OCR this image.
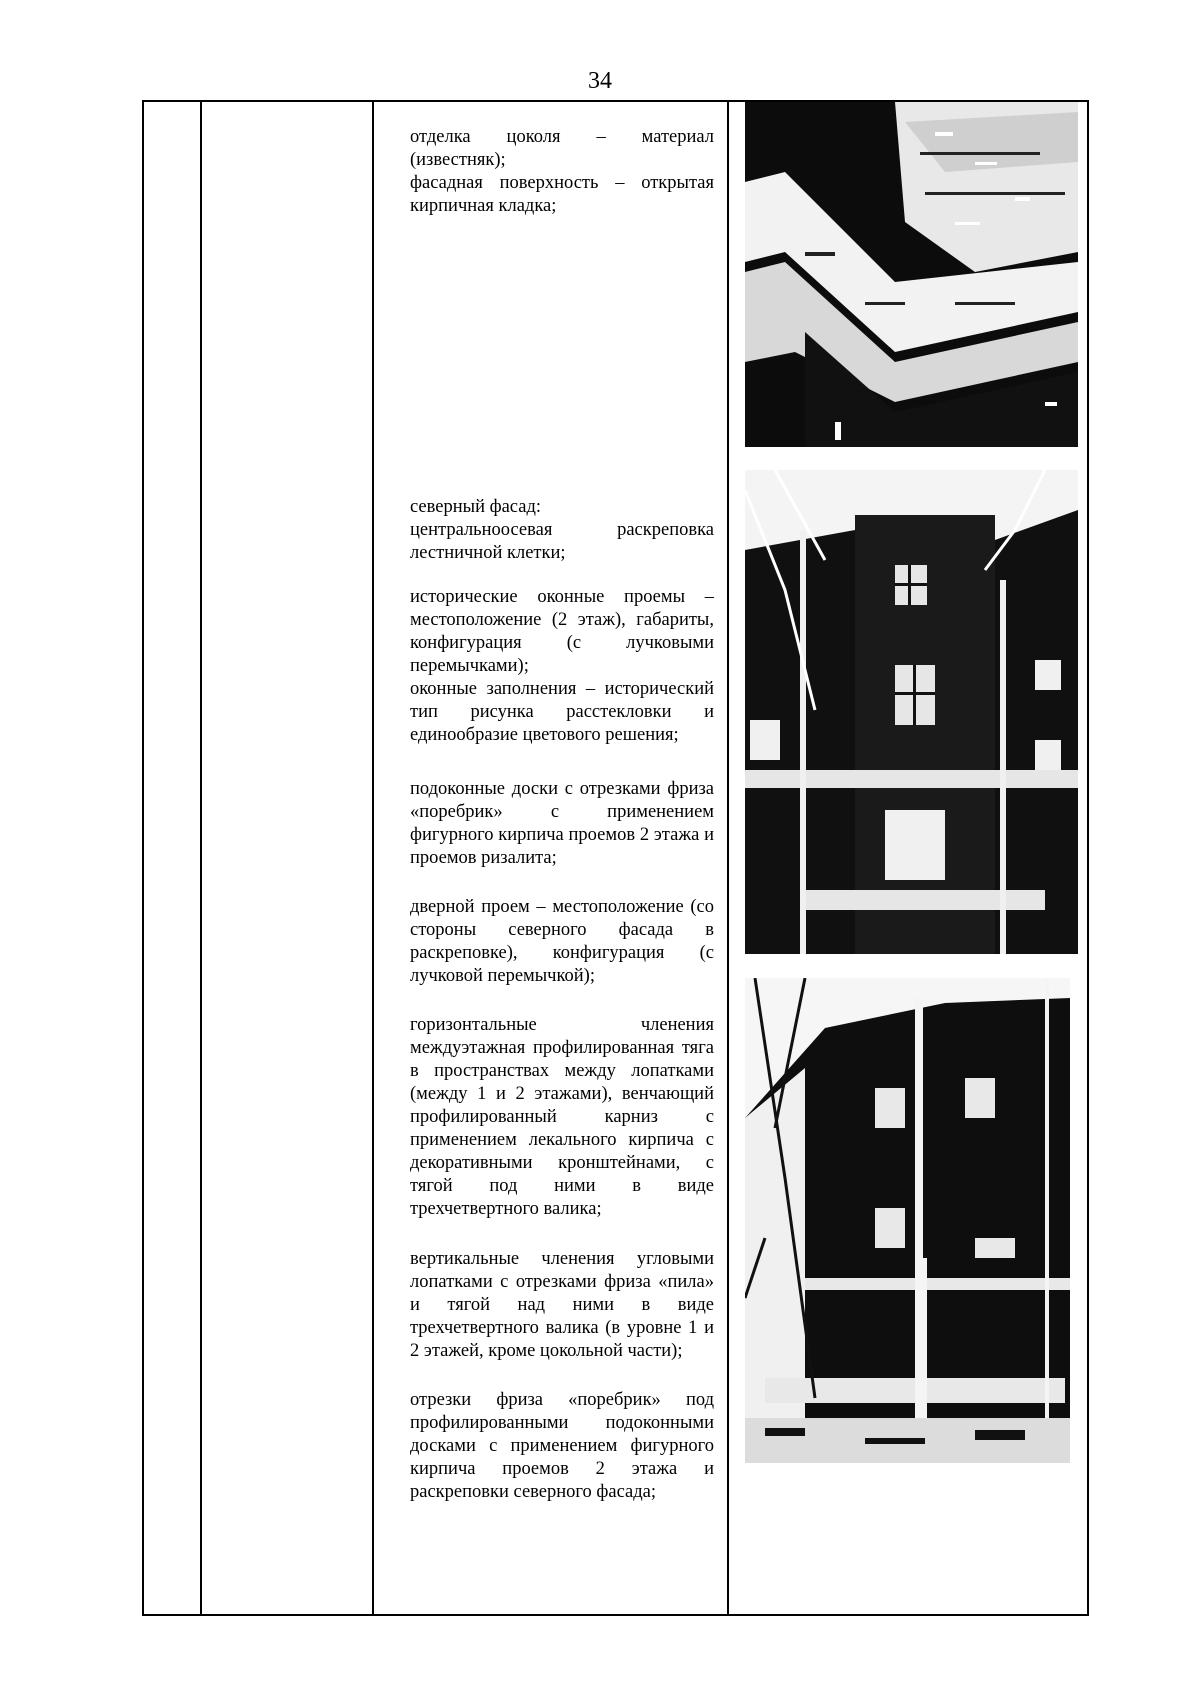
34
отделка цоколя – материал (известняк);
фасадная поверхность – открытая кирпичная кладка;
северный фасад:
центральноосевая раскреповка лестничной клетки;
исторические оконные проемы – местоположение (2 этаж), габариты, конфигурация (с лучковыми перемычками);
оконные заполнения – исторический тип рисунка расстекловки и единообразие цветового решения;
подоконные доски с отрезками фриза «поребрик» с применением фигурного кирпича проемов 2 этажа и проемов ризалита;
дверной проем – местоположение (со стороны северного фасада в раскреповке), конфигурация (с лучковой перемычкой);
горизонтальные членения междуэтажная профилированная тяга в пространствах между лопатками (между 1 и 2 этажами), венчающий профилированный карниз с применением лекального кирпича с декоративными кронштейнами, с тягой под ними в виде трехчетвертного валика;
вертикальные членения угловыми лопатками с отрезками фриза «пила» и тягой над ними в виде трехчетвертного валика (в уровне 1 и 2 этажей, кроме цокольной части);
отрезки фриза «поребрик» под профилированными подоконными досками с применением фигурного кирпича проемов 2 этажа и раскреповки северного фасада;
